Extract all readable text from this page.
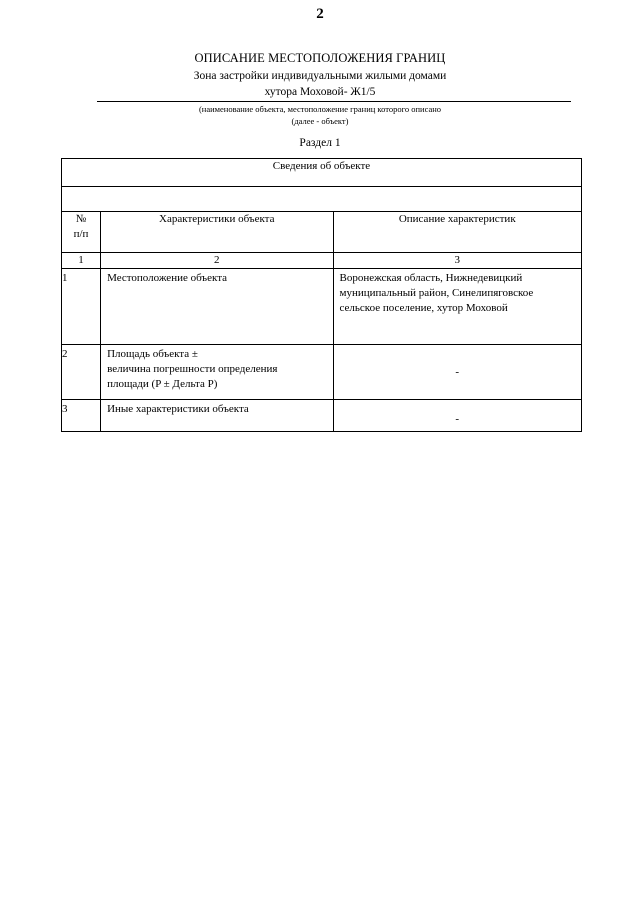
2
ОПИСАНИЕ МЕСТОПОЛОЖЕНИЯ ГРАНИЦ
Зона застройки индивидуальными жилыми домами
хутора Моховой- Ж1/5
(наименование объекта, местоположение границ которого описано
(далее - объект)
Раздел 1
Сведения об объекте		

№
п/п	Характеристики объекта	Описание характеристик
1	2	3
1	Местоположение объекта	Воронежская область, Нижнедевицкий
муниципальный район, Синелипяговское
сельское поселение, хутор Моховой

2	Площадь объекта ±
величина погрешности определения
площади (P ± Дельта P)	-
3	Иные характеристики объекта	-
